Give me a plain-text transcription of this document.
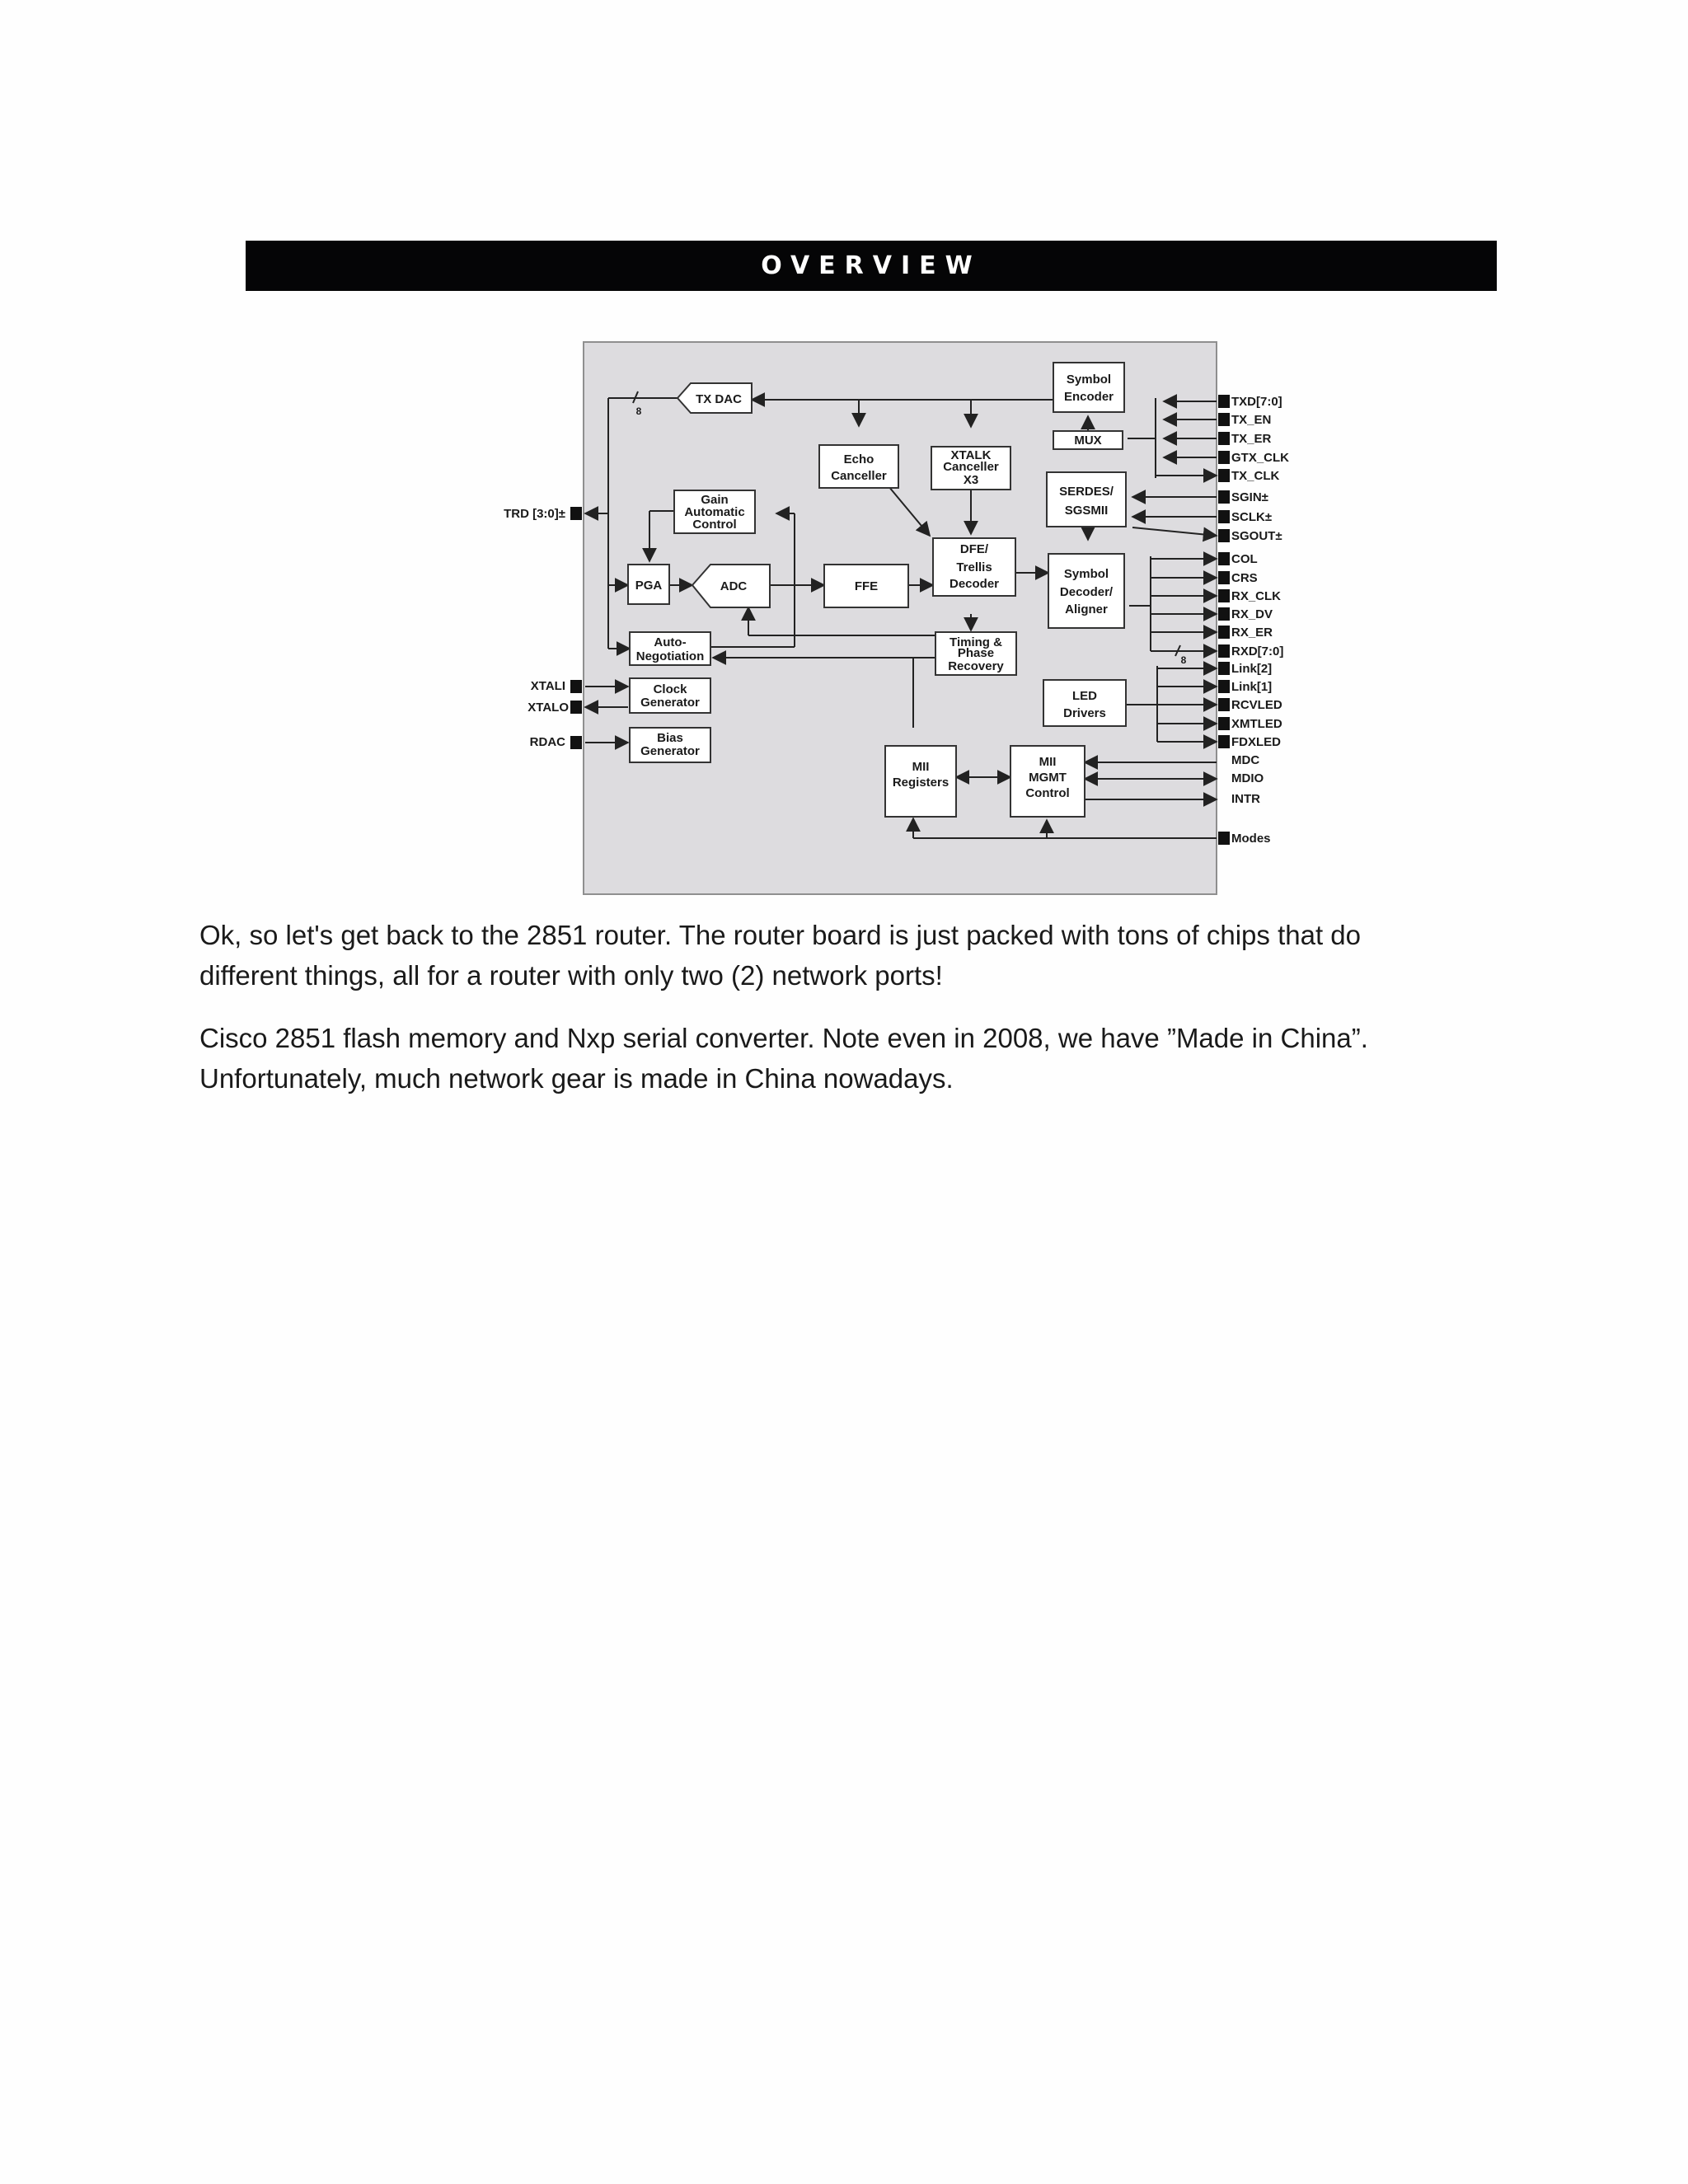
OVERVIEW
TX DAC
Symbol
Encoder
MUX
Echo
Canceller
XTALK
Canceller
X3
SERDES/
SGSMII
Gain
Automatic
Control
PGA	ADC	FFE
DFE/
Trellis
Decoder
Symbol
Decoder/
Aligner
Auto-
Negotiation
Timing &
Phase
Recovery
LED
Drivers
Clock
Generator
Bias
Generator
MII
Registers
MII
MGMT
Control
8
8
TRD [3:0]±
XTALI
XTALO
RDAC
TXD[7:0]
TX_EN
TX_ER
GTX_CLK
TX_CLK
SGIN±
SCLK±
SGOUT±
COL
CRS
RX_CLK
RX_DV
RX_ER
RXD[7:0]
Link[2]
Link[1]
RCVLED
XMTLED
FDXLED
MDC
MDIO
INTR
Modes

Ok, so let's get back to the 2851 router. The router board is just packed with tons of chips that do
different things, all for a router with only two (2) network ports!

Cisco 2851 flash memory and Nxp serial converter. Note even in 2008, we have ”Made in China”.
Unfortunately, much network gear is made in China nowadays.
